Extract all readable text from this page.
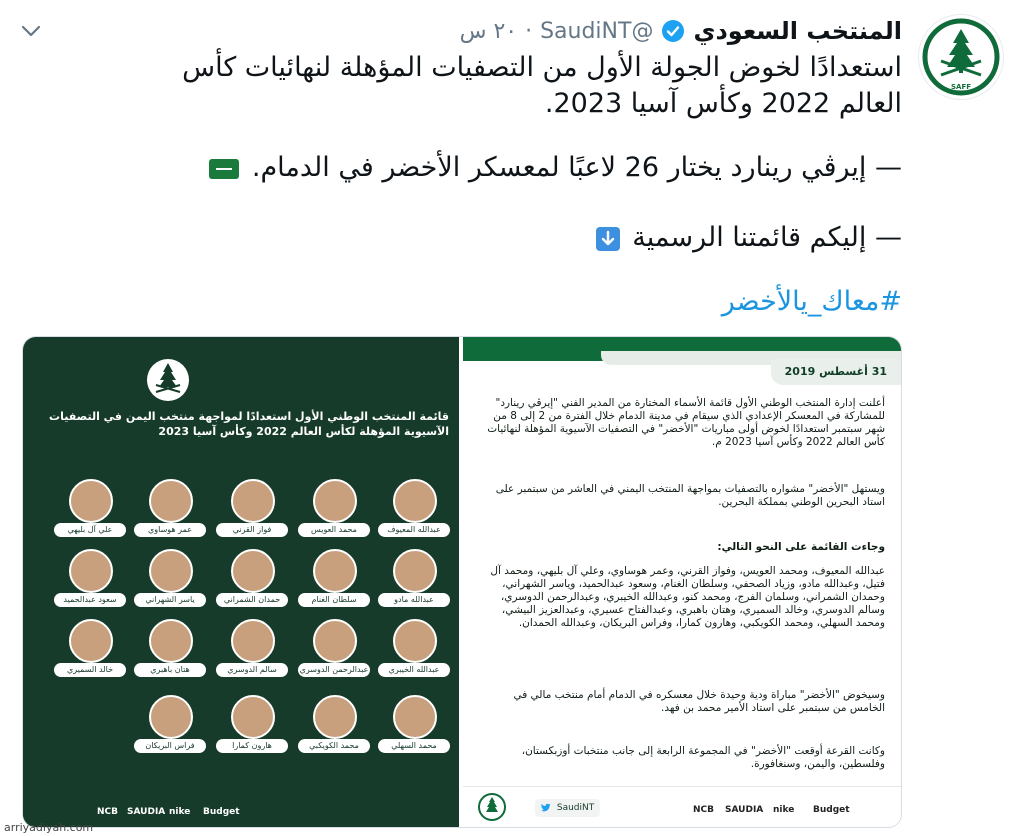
SAFF
المنتخب السعودي
@SaudiNT
·
٢٠ س
استعدادًا لخوض الجولة الأول من التصفيات المؤهلة لنهائيات كأس العالم 2022 وكأس آسيا 2023.
— إيرڤي رينارد يختار 26 لاعبًا لمعسكر الأخضر في الدمام.
— إليكم قائمتنا الرسمية
#معاك_يالأخضر
قائمة المنتخب الوطني الأول استعدادًا لمواجهة منتخب اليمن في التصفيات الآسيوية المؤهلة لكأس العالم 2022 وكأس آسيا 2023
عبدالله المعيوف
محمد العويس
فواز القرني
عمر هوساوي
علي آل بليهي
عبدالله مادو
سلطان الغنام
حمدان الشمراني
ياسر الشهراني
سعود عبدالحميد
عبدالله الخيبري
عبدالرحمن الدوسري
سالم الدوسري
هتان باهبري
خالد السميري
محمد السهلي
محمد الكويكبي
هارون كمارا
فراس البريكان
Budget
nike
SAUDIA
NCB
31 أغسطس 2019
أعلنت إدارة المنتخب الوطني الأول قائمة الأسماء المختارة من المدير الفني "إيرڤي رينارد" للمشاركة في المعسكر الإعدادي الذي سيقام في مدينة الدمام خلال الفترة من 2 إلى 8 من شهر سبتمبر استعدادًا لخوض أولى مباريات "الأخضر" في التصفيات الآسيوية المؤهلة لنهائيات كأس العالم 2022 وكأس آسيا 2023 م.
ويستهل "الأخضر" مشواره بالتصفيات بمواجهة المنتخب اليمني في العاشر من سبتمبر على استاد البحرين الوطني بمملكة البحرين.
وجاءت القائمة على النحو التالي:
عبدالله المعيوف، ومحمد العويس، وفواز القرني، وعمر هوساوي، وعلي آل بليهي، ومحمد آل فتيل، وعبدالله مادو، وزياد الصحفي، وسلطان الغنام، وسعود عبدالحميد، وياسر الشهراني، وحمدان الشمراني، وسلمان الفرج، ومحمد كنو، وعبدالله الخيبري، وعبدالرحمن الدوسري، وسالم الدوسري، وخالد السميري، وهتان باهبري، وعبدالفتاح عسيري، وعبدالعزيز البيشي، ومحمد السهلي، ومحمد الكويكبي، وهارون كمارا، وفراس البريكان، وعبدالله الحمدان.
وسيخوض "الأخضر" مباراة ودية وحيدة خلال معسكره في الدمام أمام منتخب مالي في الخامس من سبتمبر على استاد الأمير محمد بن فهد.
وكانت القرعة أوقعت "الأخضر" في المجموعة الرابعة إلى جانب منتخبات أوزبكستان، وفلسطين، واليمن، وسنغافورة.
SaudiNT	Budget
nike
SAUDIA
NCB
arriyadiyah.com
